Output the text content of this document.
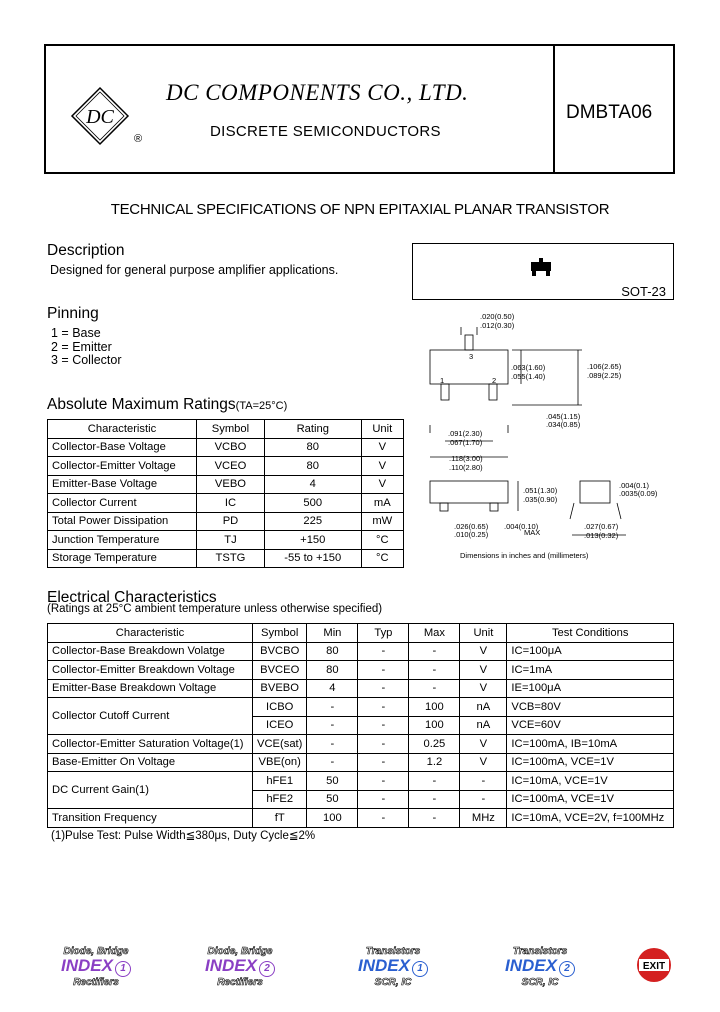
DC
®
DC COMPONENTS CO., LTD.
DISCRETE SEMICONDUCTORS
DMBTA06
TECHNICAL SPECIFICATIONS OF NPN EPITAXIAL PLANAR TRANSISTOR
Description
Designed for general purpose amplifier applications.
Pinning
1 = Base
2 = Emitter
3 = Collector
SOT-23
.020(0.50)
.012(0.30)
.063(1.60)
.055(1.40)
.106(2.65)
.089(2.25)
.045(1.15)
.034(0.85)
.091(2.30)
.067(1.70)
.118(3.00)
.110(2.80)
.051(1.30)
.035(0.90)
.004(0.1)
.0035(0.09)
.026(0.65)
.010(0.25)
.004(0.10)
MAX
.027(0.67)
.013(0.32)
1	2
3
Dimensions in inches and (millimeters)
Absolute Maximum Ratings(TA=25°C)
Characteristic	Symbol	Rating	Unit
Collector-Base Voltage	VCBO	80	V
Collector-Emitter Voltage	VCEO	80	V
Emitter-Base Voltage	VEBO	4	V
Collector Current	IC	500	mA
Total Power Dissipation	PD	225	mW
Junction Temperature	TJ	+150	°C
Storage Temperature	TSTG	-55 to +150	°C
Electrical Characteristics
(Ratings at 25°C ambient temperature unless otherwise specified)
Characteristic	Symbol	Min	Typ	Max	Unit	Test Conditions
Collector-Base Breakdown Volatge	BVCBO	80	-	-	V	IC=100μA
Collector-Emitter Breakdown Voltage	BVCEO	80	-	-	V	IC=1mA
Emitter-Base Breakdown Voltage	BVEBO	4	-	-	V	IE=100μA
Collector Cutoff Current	ICBO	-	-	100	nA	VCB=80V
	ICEO	-	-	100	nA	VCE=60V
Collector-Emitter Saturation Voltage(1)	VCE(sat)	-	-	0.25	V	IC=100mA, IB=10mA
Base-Emitter On Voltage	VBE(on)	-	-	1.2	V	IC=100mA, VCE=1V
DC Current Gain(1)	hFE1	50	-	-	-	IC=10mA, VCE=1V
	hFE2	50	-	-	-	IC=100mA, VCE=1V
Transition Frequency	fT	100	-	-	MHz	IC=10mA, VCE=2V, f=100MHz
(1)Pulse Test: Pulse Width≦380μs, Duty Cycle≦2%
Diode, Bridge
INDEX 1
Rectifiers
Diode, Bridge
INDEX 2
Rectifiers
Transistors
INDEX 1
SCR, IC
Transistors
INDEX 2
SCR, IC
EXIT
